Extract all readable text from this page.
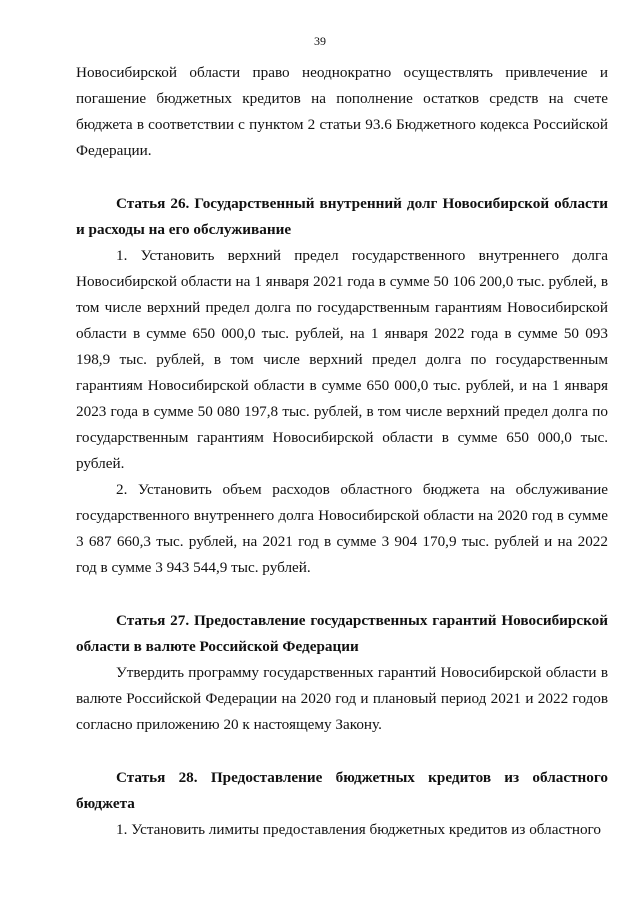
39

Новосибирской области право неоднократно осуществлять привлечение и погашение бюджетных кредитов на пополнение остатков средств на счете бюджета в соответствии с пунктом 2 статьи 93.6 Бюджетного кодекса Российской Федерации.

Статья 26. Государственный внутренний долг Новосибирской области и расходы на его обслуживание

1. Установить верхний предел государственного внутреннего долга Новосибирской области на 1 января 2021 года в сумме 50 106 200,0 тыс. рублей, в том числе верхний предел долга по государственным гарантиям Новосибирской области в сумме 650 000,0 тыс. рублей, на 1 января 2022 года в сумме 50 093 198,9 тыс. рублей, в том числе верхний предел долга по государственным гарантиям Новосибирской области в сумме 650 000,0 тыс. рублей, и на 1 января 2023 года в сумме 50 080 197,8 тыс. рублей, в том числе верхний предел долга по государственным гарантиям Новосибирской области в сумме 650 000,0 тыс. рублей.

2. Установить объем расходов областного бюджета на обслуживание государственного внутреннего долга Новосибирской области на 2020 год в сумме 3 687 660,3 тыс. рублей, на 2021 год в сумме 3 904 170,9 тыс. рублей и на 2022 год в сумме 3 943 544,9 тыс. рублей.

Статья 27. Предоставление государственных гарантий Новосибирской области в валюте Российской Федерации

Утвердить программу государственных гарантий Новосибирской области в валюте Российской Федерации на 2020 год и плановый период 2021 и 2022 годов согласно приложению 20 к настоящему Закону.

Статья 28. Предоставление бюджетных кредитов из областного бюджета

1. Установить лимиты предоставления бюджетных кредитов из областного
